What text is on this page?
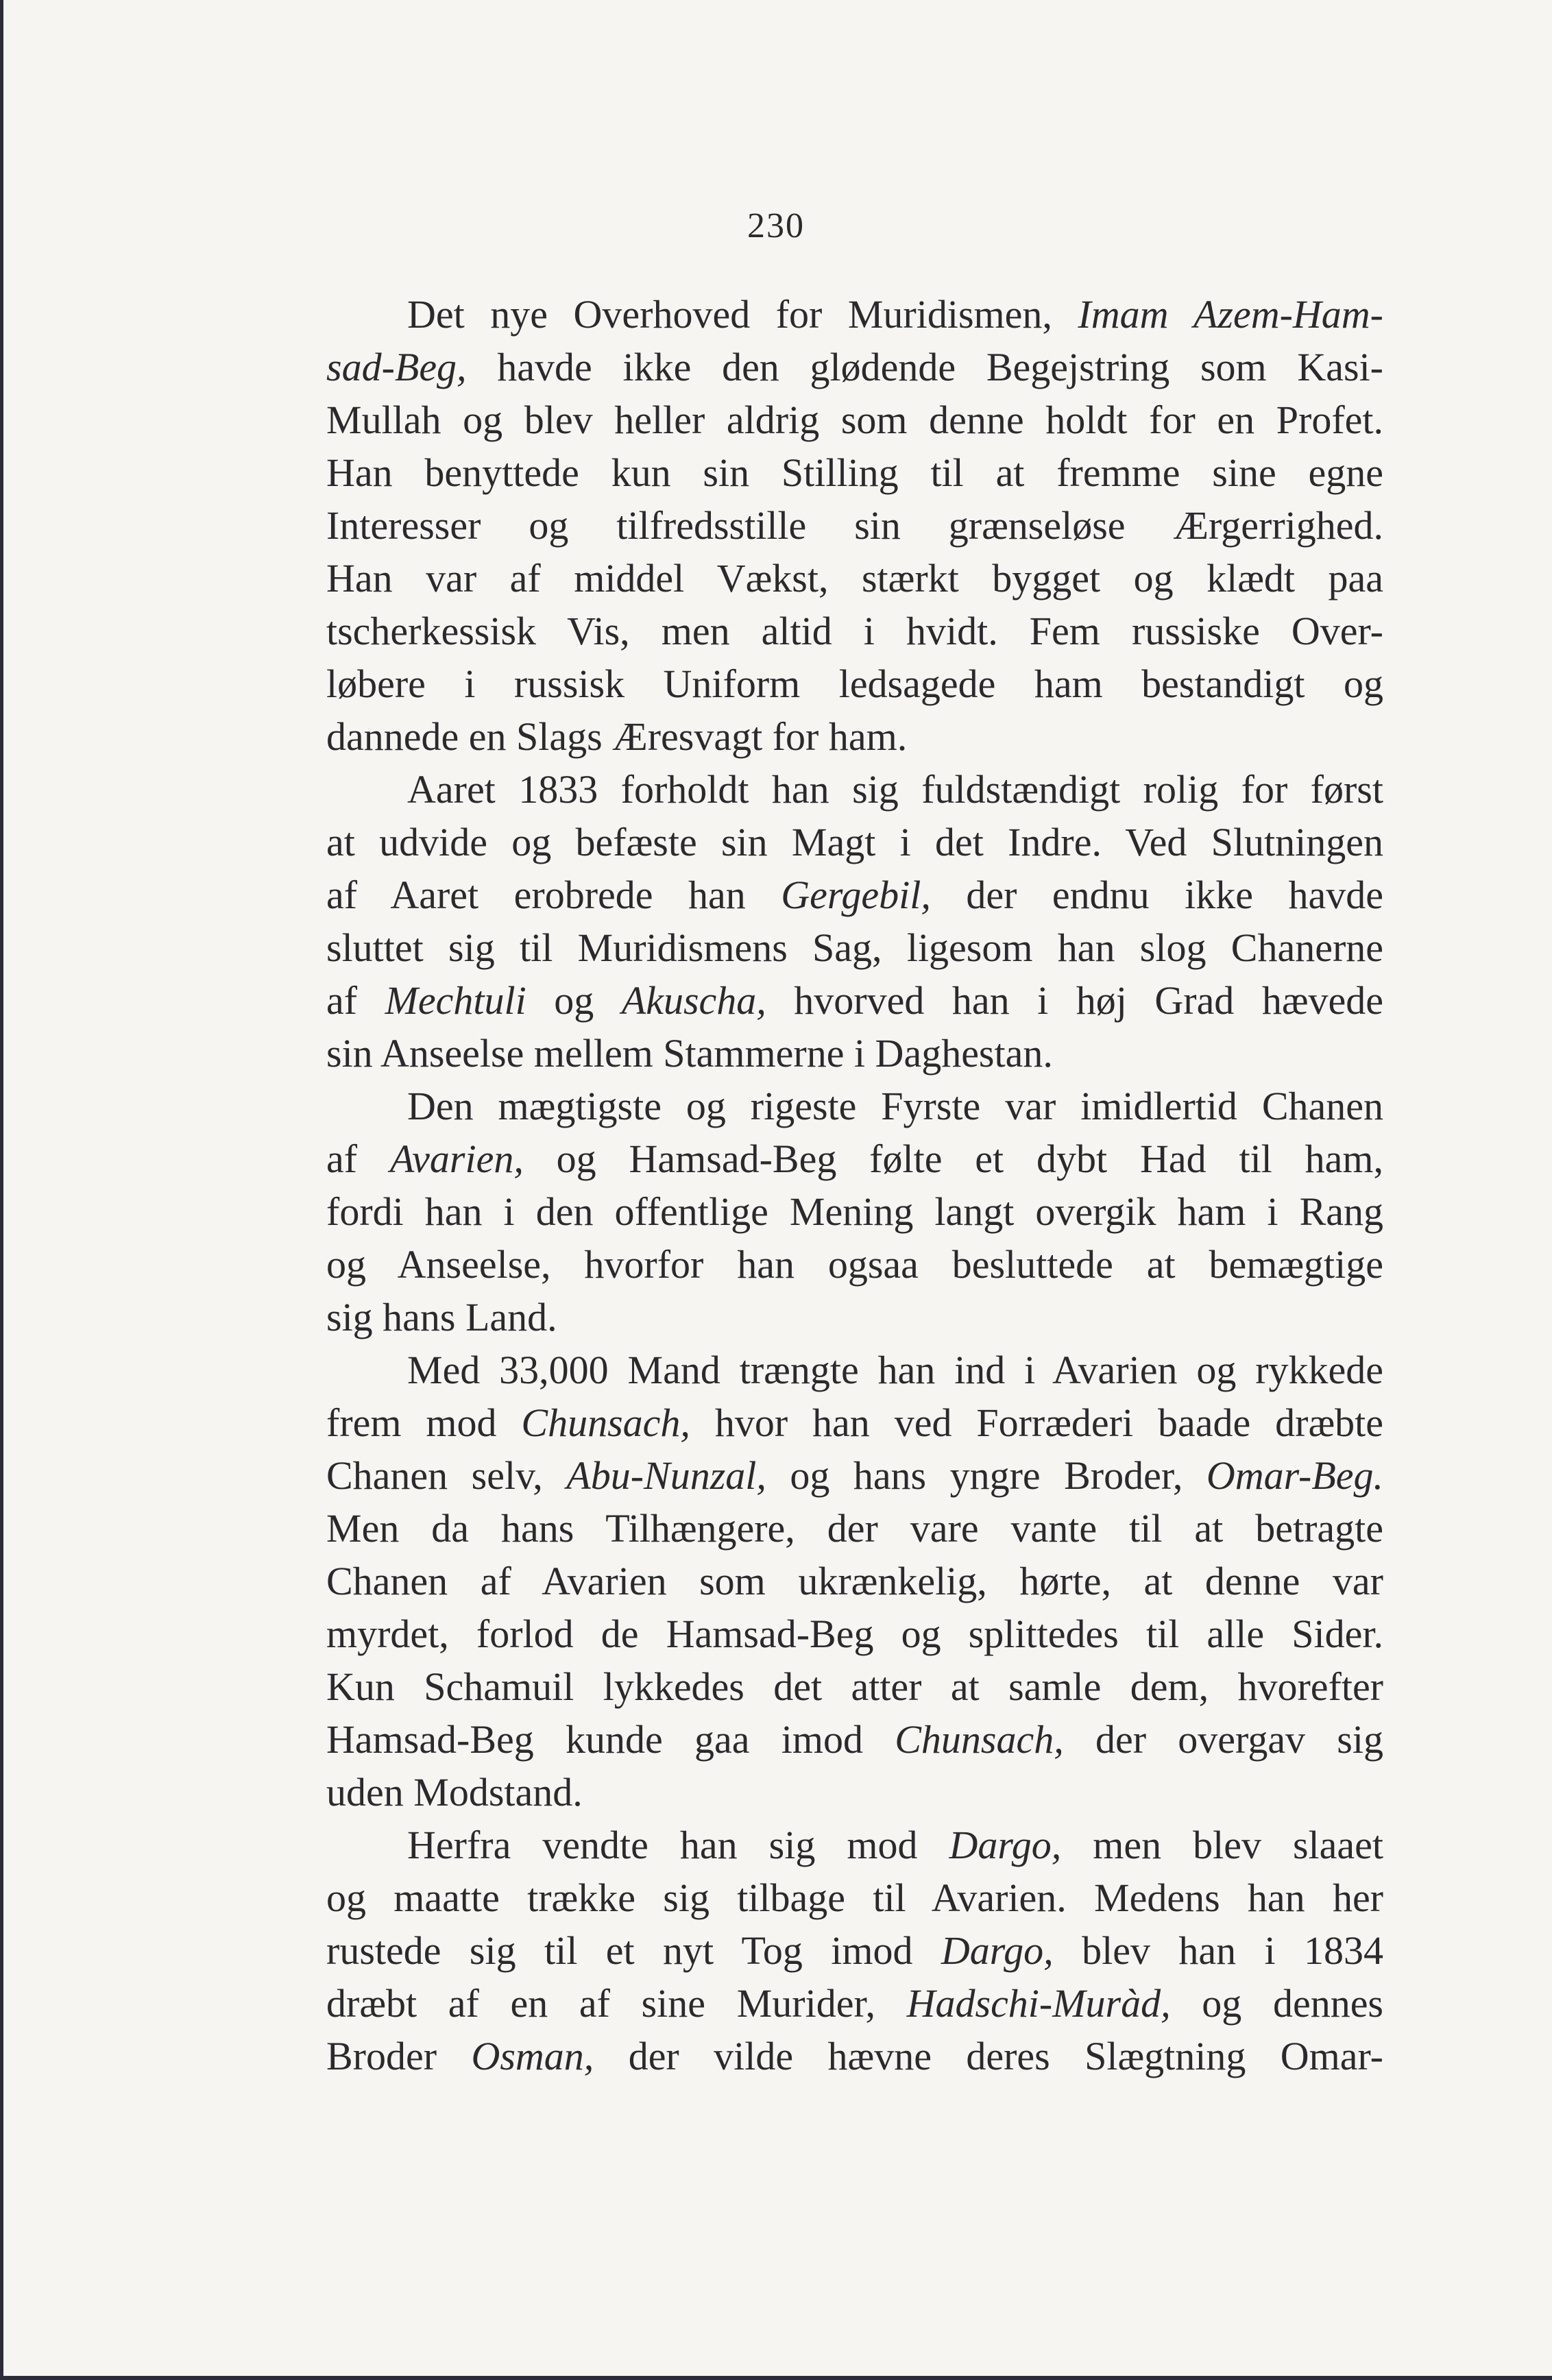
230
Det nye Overhoved for Muridismen, Imam Azem-Ham-
sad-Beg, havde ikke den glødende Begejstring som Kasi-
Mullah og blev heller aldrig som denne holdt for en Profet.
Han benyttede kun sin Stilling til at fremme sine egne
Interesser og tilfredsstille sin grænseløse Ærgerrighed.
Han var af middel Vækst, stærkt bygget og klædt paa
tscherkessisk Vis, men altid i hvidt. Fem russiske Over-
løbere i russisk Uniform ledsagede ham bestandigt og
dannede en Slags Æresvagt for ham.
Aaret 1833 forholdt han sig fuldstændigt rolig for først
at udvide og befæste sin Magt i det Indre. Ved Slutningen
af Aaret erobrede han Gergebil, der endnu ikke havde
sluttet sig til Muridismens Sag, ligesom han slog Chanerne
af Mechtuli og Akuscha, hvorved han i høj Grad hævede
sin Anseelse mellem Stammerne i Daghestan.
Den mægtigste og rigeste Fyrste var imidlertid Chanen
af Avarien, og Hamsad-Beg følte et dybt Had til ham,
fordi han i den offentlige Mening langt overgik ham i Rang
og Anseelse, hvorfor han ogsaa besluttede at bemægtige
sig hans Land.
Med 33,000 Mand trængte han ind i Avarien og rykkede
frem mod Chunsach, hvor han ved Forræderi baade dræbte
Chanen selv, Abu-Nunzal, og hans yngre Broder, Omar-Beg.
Men da hans Tilhængere, der vare vante til at betragte
Chanen af Avarien som ukrænkelig, hørte, at denne var
myrdet, forlod de Hamsad-Beg og splittedes til alle Sider.
Kun Schamuil lykkedes det atter at samle dem, hvorefter
Hamsad-Beg kunde gaa imod Chunsach, der overgav sig
uden Modstand.
Herfra vendte han sig mod Dargo, men blev slaaet
og maatte trække sig tilbage til Avarien. Medens han her
rustede sig til et nyt Tog imod Dargo, blev han i 1834
dræbt af en af sine Murider, Hadschi-Muràd, og dennes
Broder Osman, der vilde hævne deres Slægtning Omar-
